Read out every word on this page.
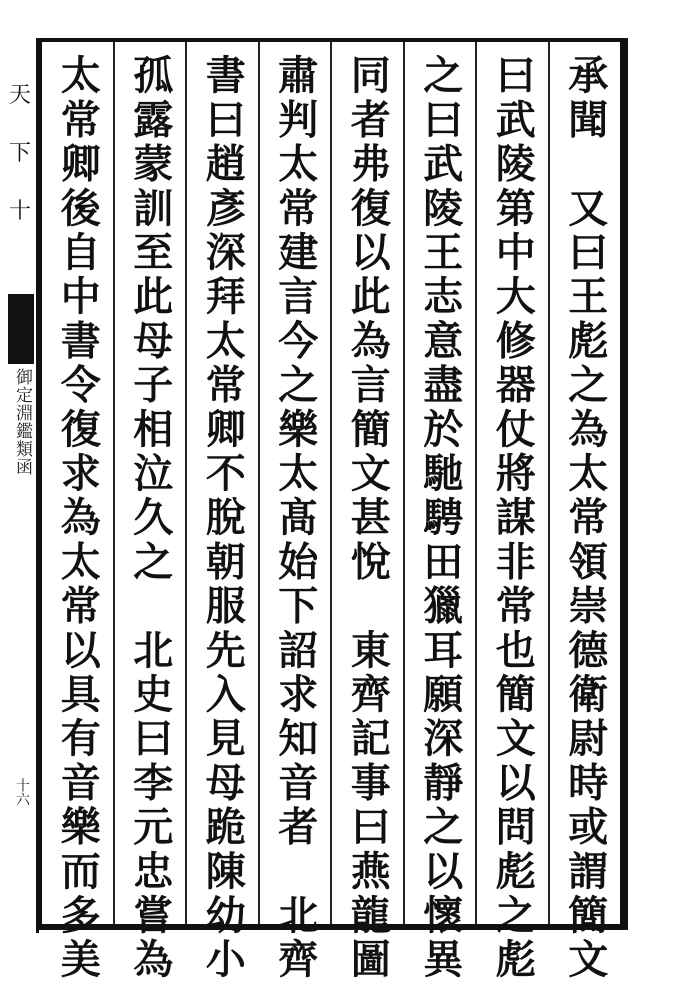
天
下
十
御定淵鑑類函
十六	承聞　又曰王彪之為太常領崇德衛尉時或謂簡文
曰武陵第中大修器仗將謀非常也簡文以問彪之彪
之曰武陵王志意盡於馳騁田獵耳願深靜之以懷異
同者弗復以此為言簡文甚悅　東齊記事曰燕龍圖
肅判太常建言今之樂太髙始下詔求知音者　北齊
書曰趙彥深拜太常卿不脫朝服先入見母跪陳幼小
孤露蒙訓至此母子相泣久之　北史曰李元忠嘗為
太常卿後自中書令復求為太常以具有音樂而多美
